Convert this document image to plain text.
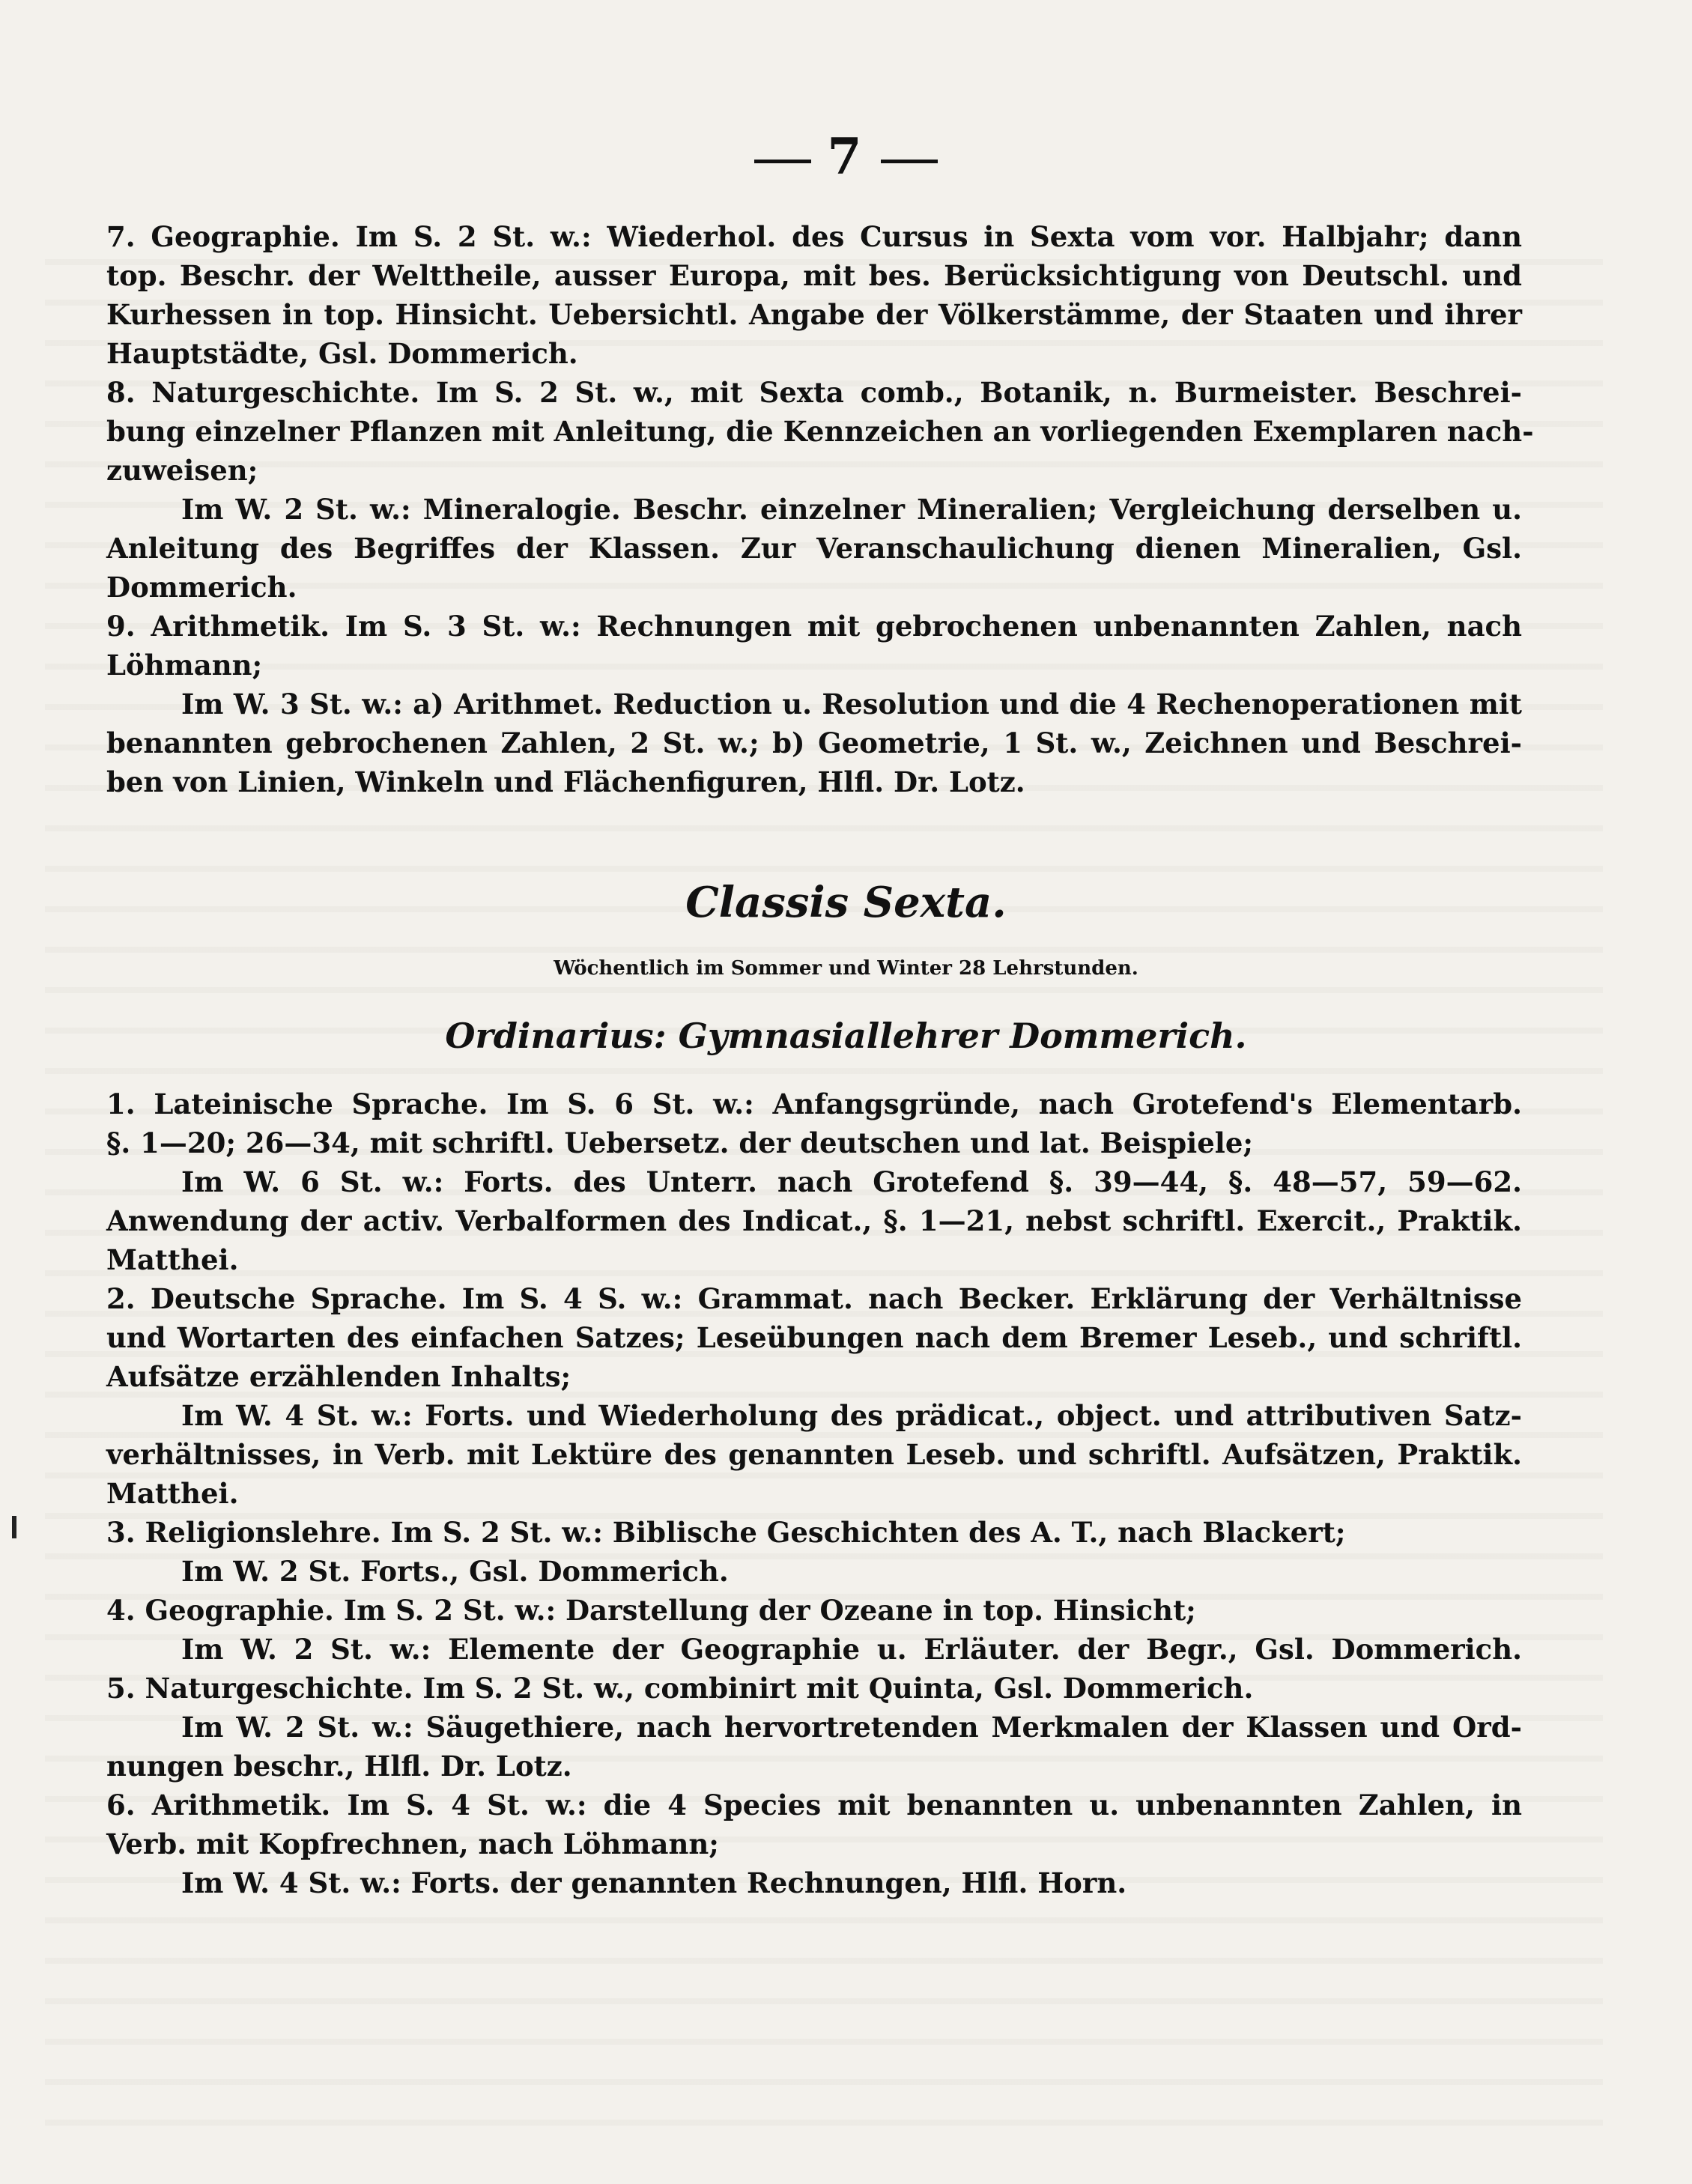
7
7. Geographie. Im S. 2 St. w.: Wiederhol. des Cursus in Sexta vom vor. Halbjahr; dann
top. Beschr. der Welttheile, ausser Europa, mit bes. Berücksichtigung von Deutschl. und
Kurhessen in top. Hinsicht. Uebersichtl. Angabe der Völkerstämme, der Staaten und ihrer
Hauptstädte, Gsl. Dommerich.
8. Naturgeschichte. Im S. 2 St. w., mit Sexta comb., Botanik, n. Burmeister. Beschrei-
bung einzelner Pflanzen mit Anleitung, die Kennzeichen an vorliegenden Exemplaren nach-
zuweisen;
Im W. 2 St. w.: Mineralogie. Beschr. einzelner Mineralien; Vergleichung derselben u.
Anleitung des Begriffes der Klassen. Zur Veranschaulichung dienen Mineralien, Gsl.
Dommerich.
9. Arithmetik. Im S. 3 St. w.: Rechnungen mit gebrochenen unbenannten Zahlen, nach
Löhmann;
Im W. 3 St. w.: a) Arithmet. Reduction u. Resolution und die 4 Rechenoperationen mit
benannten gebrochenen Zahlen, 2 St. w.; b) Geometrie, 1 St. w., Zeichnen und Beschrei-
ben von Linien, Winkeln und Flächenfiguren, Hlfl. Dr. Lotz.
Classis Sexta.
Wöchentlich im Sommer und Winter 28 Lehrstunden.
Ordinarius: Gymnasiallehrer Dommerich.
1. Lateinische Sprache. Im S. 6 St. w.: Anfangsgründe, nach Grotefend's Elementarb.
§. 1—20; 26—34, mit schriftl. Uebersetz. der deutschen und lat. Beispiele;
Im W. 6 St. w.: Forts. des Unterr. nach Grotefend §. 39—44, §. 48—57, 59—62.
Anwendung der activ. Verbalformen des Indicat., §. 1—21, nebst schriftl. Exercit., Praktik.
Matthei.
2. Deutsche Sprache. Im S. 4 S. w.: Grammat. nach Becker. Erklärung der Verhältnisse
und Wortarten des einfachen Satzes; Leseübungen nach dem Bremer Leseb., und schriftl.
Aufsätze erzählenden Inhalts;
Im W. 4 St. w.: Forts. und Wiederholung des prädicat., object. und attributiven Satz-
verhältnisses, in Verb. mit Lektüre des genannten Leseb. und schriftl. Aufsätzen, Praktik.
Matthei.
3. Religionslehre. Im S. 2 St. w.: Biblische Geschichten des A. T., nach Blackert;
Im W. 2 St. Forts., Gsl. Dommerich.
4. Geographie. Im S. 2 St. w.: Darstellung der Ozeane in top. Hinsicht;
Im W. 2 St. w.: Elemente der Geographie u. Erläuter. der Begr., Gsl. Dommerich.
5. Naturgeschichte. Im S. 2 St. w., combinirt mit Quinta, Gsl. Dommerich.
Im W. 2 St. w.: Säugethiere, nach hervortretenden Merkmalen der Klassen und Ord-
nungen beschr., Hlfl. Dr. Lotz.
6. Arithmetik. Im S. 4 St. w.: die 4 Species mit benannten u. unbenannten Zahlen, in
Verb. mit Kopfrechnen, nach Löhmann;
Im W. 4 St. w.: Forts. der genannten Rechnungen, Hlfl. Horn.
